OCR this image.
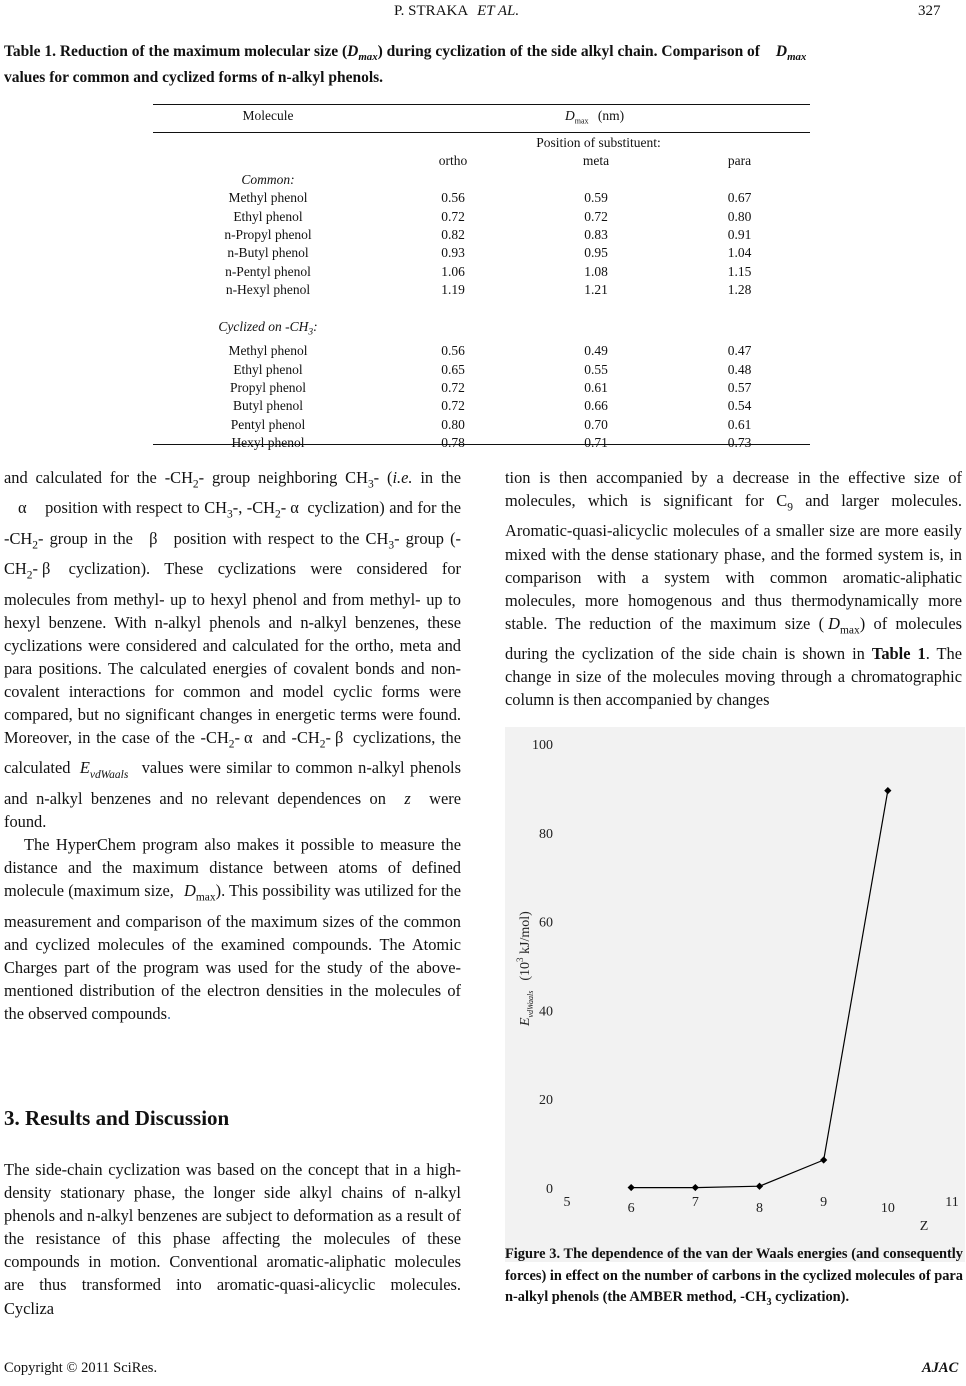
P. STRAKA ET AL.	327
Table 1. Reduction of the maximum molecular size $(D_{max})$ during cyclization of the side alkyl chain. Comparison of $D_{max}$
values for common and cyclized forms of n-alkyl phenols.
Molecule	$D_{max}$ (nm)
	Position of substituent:		
	ortho	meta	para
Common:			
Methyl phenol	0.56	0.59	0.67
Ethyl phenol	0.72	0.72	0.80
n-Propyl phenol	0.82	0.83	0.91
n-Butyl phenol	0.93	0.95	1.04
n-Pentyl phenol	1.06	1.08	1.15
n-Hexyl phenol	1.19	1.21	1.28

Cyclized on $-CH_3$:			
Methyl phenol	0.56	0.49	0.47
Ethyl phenol	0.65	0.55	0.48
Propyl phenol	0.72	0.61	0.57
Butyl phenol	0.72	0.66	0.54
Pentyl phenol	0.80	0.70	0.61
Hexyl phenol	0.78	0.71	0.73

and calculated for the $-CH_2-$ group neighboring $CH_3-$ (i.e. in the α position with respect to $CH_3-$, $-CH_2-$ α cyclization) and for the $-CH_2-$ group in the β position with respect to the $CH_3-$ group ($-CH_2-$ β cyclization). These cyclizations were considered for molecules from methyl- up to hexyl phenol and from methyl- up to hexyl benzene. With n-alkyl phenols and n-alkyl benzenes, these cyclizations were considered and calculated for the ortho, meta and para positions. The calculated energies of covalent bonds and non-covalent interactions for common and model cyclic forms were compared, but no significant changes in energetic terms were found. Moreover, in the case of the $-CH_2-$ α and $-CH_2-$ β cyclizations, the calculated $E_{vdWaals}$ values were similar to common n-alkyl phenols and n-alkyl benzenes and no relevant dependences on z were found.

The HyperChem program also makes it possible to measure the distance and the maximum distance between atoms of defined molecule (maximum size, $D_{max}$). This possibility was utilized for the measurement and comparison of the maximum sizes of the common and cyclized molecules of the examined compounds. The Atomic Charges part of the program was used for the study of the above-mentioned distribution of the electron densities in the molecules of the observed compounds.

3. Results and Discussion

The side-chain cyclization was based on the concept that in a high-density stationary phase, the longer side alkyl chains of n-alkyl phenols and n-alkyl benzenes are subject to deformation as a result of the resistance of this phase affecting the molecules of these compounds in motion. Conventional aromatic-aliphatic molecules are thus transformed into aromatic-quasi-alicyclic molecules. Cycliza

tion is then accompanied by a decrease in the effective size of molecules, which is significant for $C_9$ and larger molecules. Aromatic-quasi-alicyclic molecules of a smaller size are more easily mixed with the dense stationary phase, and the formed system is, in comparison with a system with common aromatic-aliphatic molecules, more homogenous and thus thermodynamically more stable. The reduction of the maximum size ( $D_{max}$) of molecules during the cyclization of the side chain is shown in Table 1. The change in size of the molecules moving through a chromatographic column is then accompanied by changes

0
20
40
60
80
100
5	6	7	8	9	10	11
Z
$E_{vdWaals}(10^3$ kJ/mol)
Figure 3. The dependence of the van der Waals energies (and consequently forces) in effect on the number of carbons in the cyclized molecules of para n-alkyl phenols (the AMBER method, $-CH_3$ cyclization).
Copyright © 2011 SciRes.	AJAC
